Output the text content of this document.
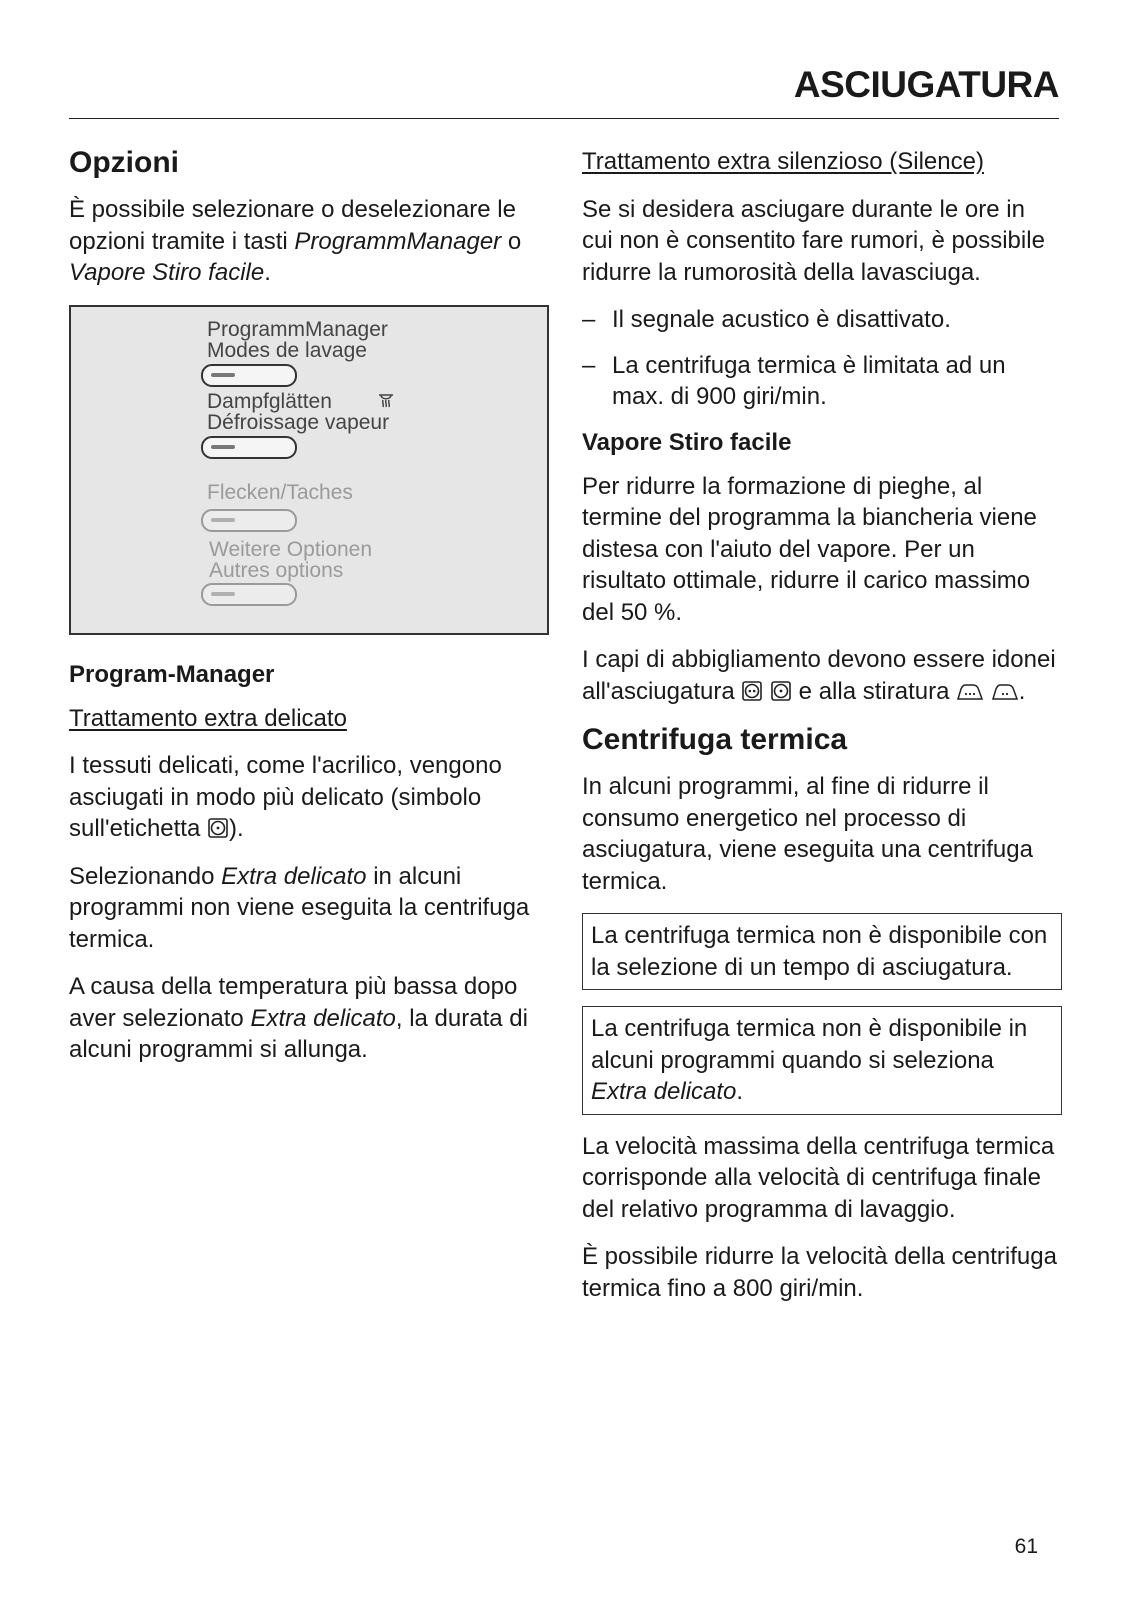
ASCIUGATURA
Opzioni

È possibile selezionare o deselezionare le opzioni tramite i tasti ProgrammManager o Vapore Stiro facile.

ProgrammManager
Modes de lavage
Dampfglätten
Défroissage vapeur
Flecken/Taches
Weitere Optionen
Autres options
Program-Manager

Trattamento extra delicato

I tessuti delicati, come l'acrilico, vengono asciugati in modo più delicato (simbolo sull'etichetta ).

Selezionando Extra delicato in alcuni programmi non viene eseguita la centrifuga termica.

A causa della temperatura più bassa dopo aver selezionato Extra delicato, la durata di alcuni programmi si allunga.

Trattamento extra silenzioso (Silence)

Se si desidera asciugare durante le ore in cui non è consentito fare rumori, è possibile ridurre la rumorosità della lavasciuga.

– Il segnale acustico è disattivato.
– La centrifuga termica è limitata ad un max. di 900 giri/min.
Vapore Stiro facile

Per ridurre la formazione di pieghe, al termine del programma la biancheria viene distesa con l'aiuto del vapore. Per un risultato ottimale, ridurre il carico massimo del 50 %.

I capi di abbigliamento devono essere idonei all'asciugatura   e alla stiratura	.

Centrifuga termica

In alcuni programmi, al fine di ridurre il consumo energetico nel processo di asciugatura, viene eseguita una centrifuga termica.

La centrifuga termica non è disponibile con la selezione di un tempo di asciugatura.

La centrifuga termica non è disponibile in alcuni programmi quando si seleziona Extra delicato.

La velocità massima della centrifuga termica corrisponde alla velocità di centrifuga finale del relativo programma di lavaggio.

È possibile ridurre la velocità della centrifuga termica fino a 800 giri/min.

61
